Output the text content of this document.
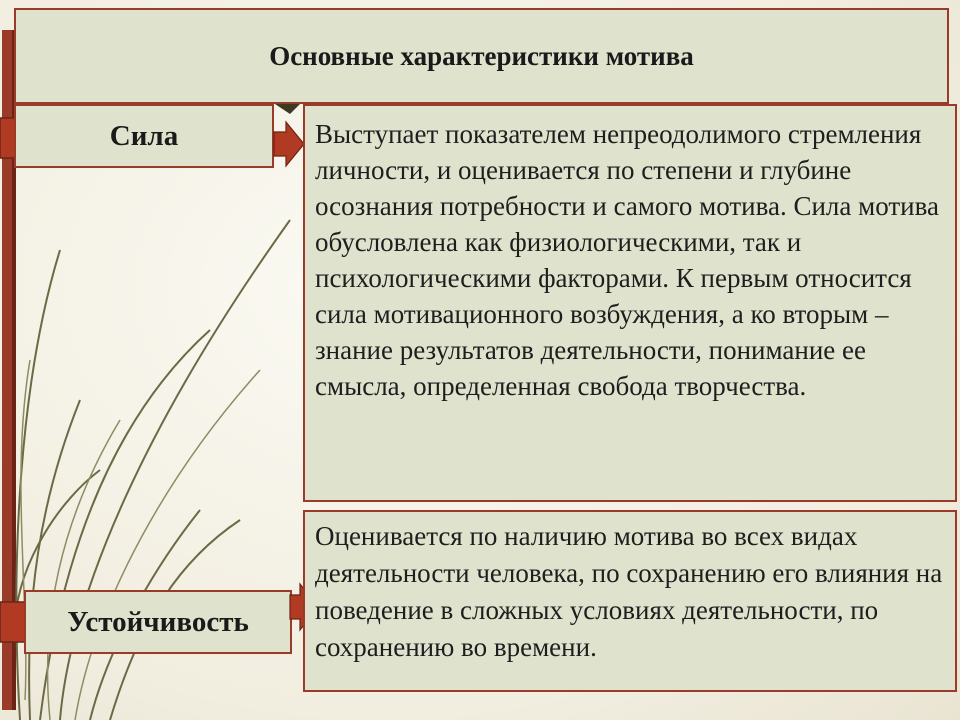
Основные характеристики мотива
Сила	Выступает показателем непреодолимого стремления личности, и оценивается по степени и глубине осознания потребности и самого мотива. Сила мотива обусловлена как физиологическими, так и психологическими факторами. К первым относится сила мотивационного возбуждения, а ко вторым – знание результатов деятельности, понимание ее смысла, определенная свобода творчества.
Устойчивость
Оценивается по наличию мотива во всех видах деятельности человека, по сохранению его влияния на поведение в сложных условиях деятельности, по сохранению во времени.
